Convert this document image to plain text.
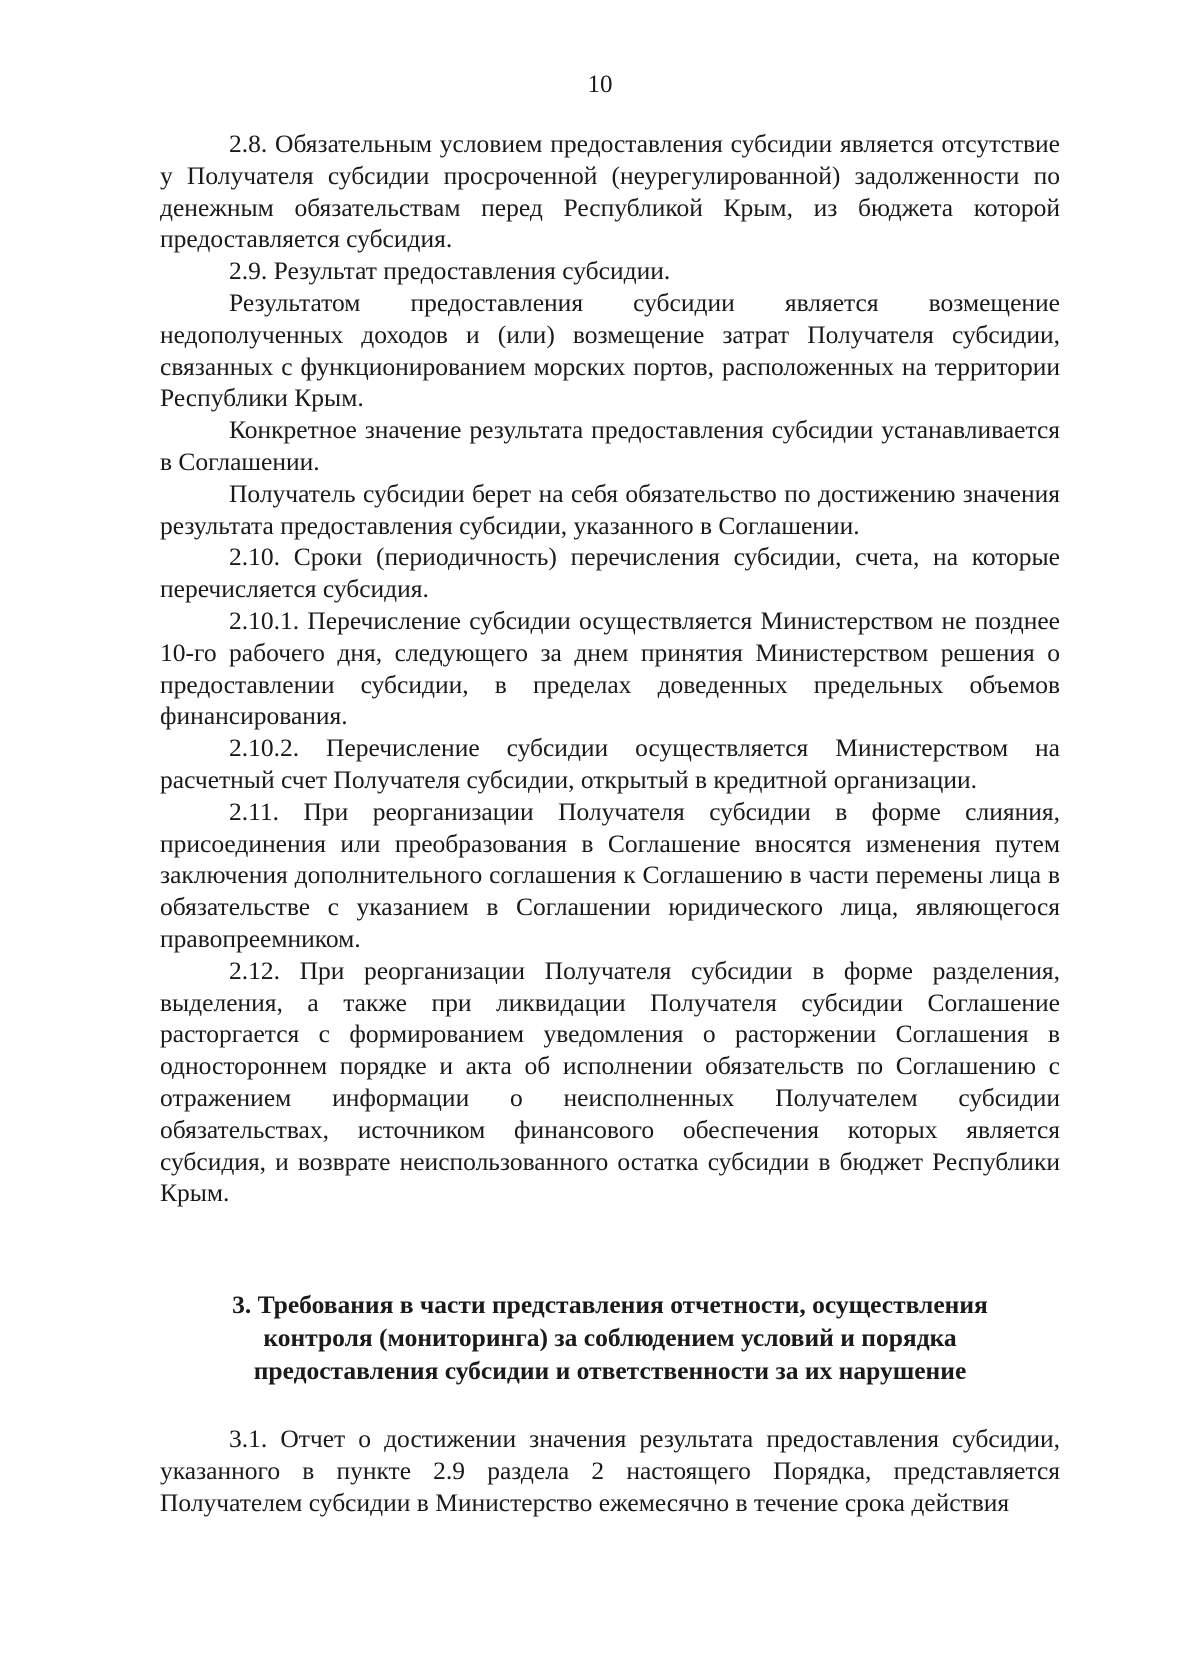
10

2.8. Обязательным условием предоставления субсидии является отсутствие у Получателя субсидии просроченной (неурегулированной) задолженности по денежным обязательствам перед Республикой Крым, из бюджета которой предоставляется субсидия.

2.9. Результат предоставления субсидии.

Результатом предоставления субсидии является возмещение недополученных доходов и (или) возмещение затрат Получателя субсидии, связанных с функционированием морских портов, расположенных на территории Республики Крым.

Конкретное значение результата предоставления субсидии устанавливается в Соглашении.

Получатель субсидии берет на себя обязательство по достижению значения результата предоставления субсидии, указанного в Соглашении.

2.10. Сроки (периодичность) перечисления субсидии, счета, на которые перечисляется субсидия.

2.10.1. Перечисление субсидии осуществляется Министерством не позднее 10-го рабочего дня, следующего за днем принятия Министерством решения о предоставлении субсидии, в пределах доведенных предельных объемов финансирования.

2.10.2. Перечисление субсидии осуществляется Министерством на расчетный счет Получателя субсидии, открытый в кредитной организации.

2.11. При реорганизации Получателя субсидии в форме слияния, присоединения или преобразования в Соглашение вносятся изменения путем заключения дополнительного соглашения к Соглашению в части перемены лица в обязательстве с указанием в Соглашении юридического лица, являющегося правопреемником.

2.12. При реорганизации Получателя субсидии в форме разделения, выделения, а также при ликвидации Получателя субсидии Соглашение расторгается с формированием уведомления о расторжении Соглашения в одностороннем порядке и акта об исполнении обязательств по Соглашению с отражением информации о неисполненных Получателем субсидии обязательствах, источником финансового обеспечения которых является субсидия, и возврате неиспользованного остатка субсидии в бюджет Республики Крым.

3. Требования в части представления отчетности, осуществления
контроля (мониторинга) за соблюдением условий и порядка
предоставления субсидии и ответственности за их нарушение

3.1. Отчет о достижении значения результата предоставления субсидии, указанного в пункте 2.9 раздела 2 настоящего Порядка, представляется Получателем субсидии в Министерство ежемесячно в течение срока действия
